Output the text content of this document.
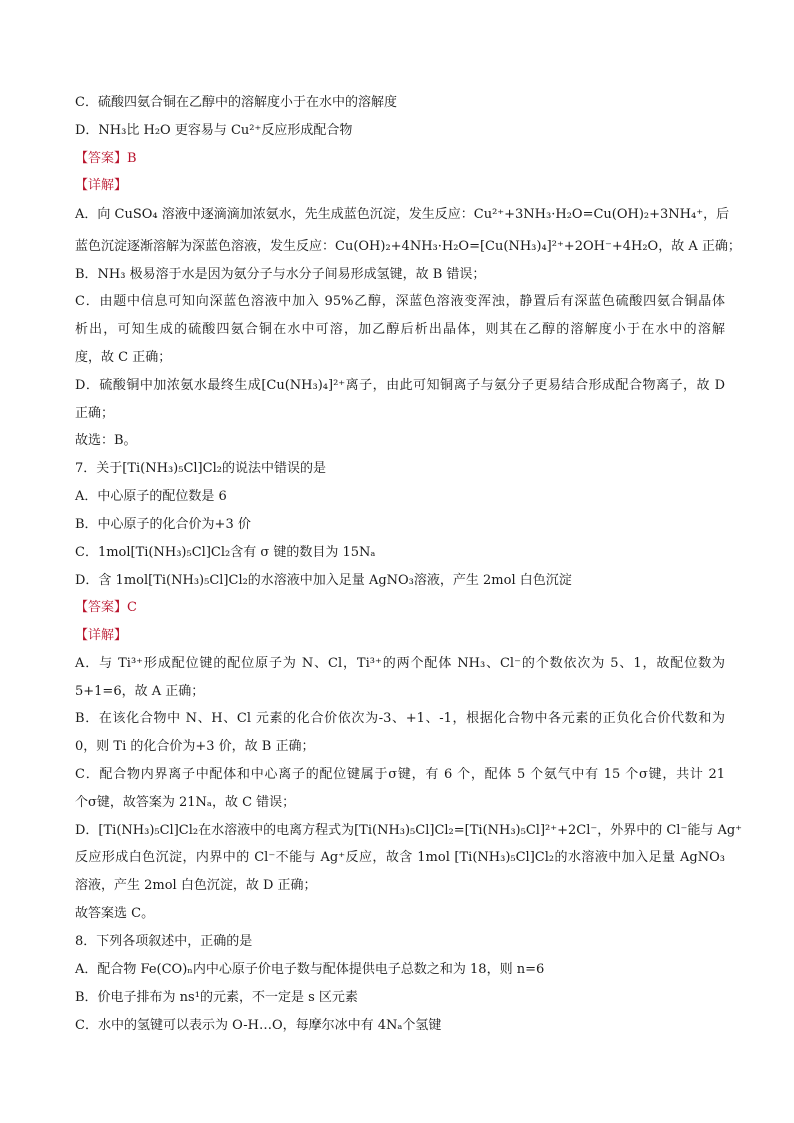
C．硫酸四氨合铜在乙醇中的溶解度小于在水中的溶解度
D．NH₃比 H₂O 更容易与 Cu²⁺反应形成配合物
【答案】B
【详解】
A．向 CuSO₄ 溶液中逐滴滴加浓氨水，先生成蓝色沉淀，发生反应：Cu²⁺+3NH₃·H₂O=Cu(OH)₂+3NH₄⁺，后
蓝色沉淀逐渐溶解为深蓝色溶液，发生反应：Cu(OH)₂+4NH₃·H₂O=[Cu(NH₃)₄]²⁺+2OH⁻+4H₂O，故 A 正确；
B．NH₃ 极易溶于水是因为氨分子与水分子间易形成氢键，故 B 错误；
C．由题中信息可知向深蓝色溶液中加入 95%乙醇，深蓝色溶液变浑浊，静置后有深蓝色硫酸四氨合铜晶体
析出，可知生成的硫酸四氨合铜在水中可溶，加乙醇后析出晶体，则其在乙醇的溶解度小于在水中的溶解
度，故 C 正确；
D．硫酸铜中加浓氨水最终生成[Cu(NH₃)₄]²⁺离子，由此可知铜离子与氨分子更易结合形成配合物离子，故 D
正确；
故选：B。
7．关于[Ti(NH₃)₅Cl]Cl₂的说法中错误的是
A．中心原子的配位数是 6
B．中心原子的化合价为+3 价
C．1mol[Ti(NH₃)₅Cl]Cl₂含有 σ 键的数目为 15Nₐ
D．含 1mol[Ti(NH₃)₅Cl]Cl₂的水溶液中加入足量 AgNO₃溶液，产生 2mol 白色沉淀
【答案】C
【详解】
A．与 Ti³⁺形成配位键的配位原子为 N、Cl，Ti³⁺的两个配体 NH₃、Cl⁻的个数依次为 5、1，故配位数为
5+1=6，故 A 正确；
B．在该化合物中 N、H、Cl 元素的化合价依次为-3、+1、-1，根据化合物中各元素的正负化合价代数和为
0，则 Ti 的化合价为+3 价，故 B 正确；
C．配合物内界离子中配体和中心离子的配位键属于σ键，有 6 个，配体 5 个氨气中有 15 个σ键，共计 21
个σ键，故答案为 21Nₐ，故 C 错误；
D．[Ti(NH₃)₅Cl]Cl₂在水溶液中的电离方程式为[Ti(NH₃)₅Cl]Cl₂=[Ti(NH₃)₅Cl]²⁺+2Cl⁻，外界中的 Cl⁻能与 Ag⁺
反应形成白色沉淀，内界中的 Cl⁻不能与 Ag⁺反应，故含 1mol [Ti(NH₃)₅Cl]Cl₂的水溶液中加入足量 AgNO₃
溶液，产生 2mol 白色沉淀，故 D 正确；
故答案选 C。
8．下列各项叙述中，正确的是
A．配合物 Fe(CO)ₙ内中心原子价电子数与配体提供电子总数之和为 18，则 n=6
B．价电子排布为 ns¹的元素，不一定是 s 区元素
C．水中的氢键可以表示为 O-H…O，每摩尔冰中有 4Nₐ个氢键
